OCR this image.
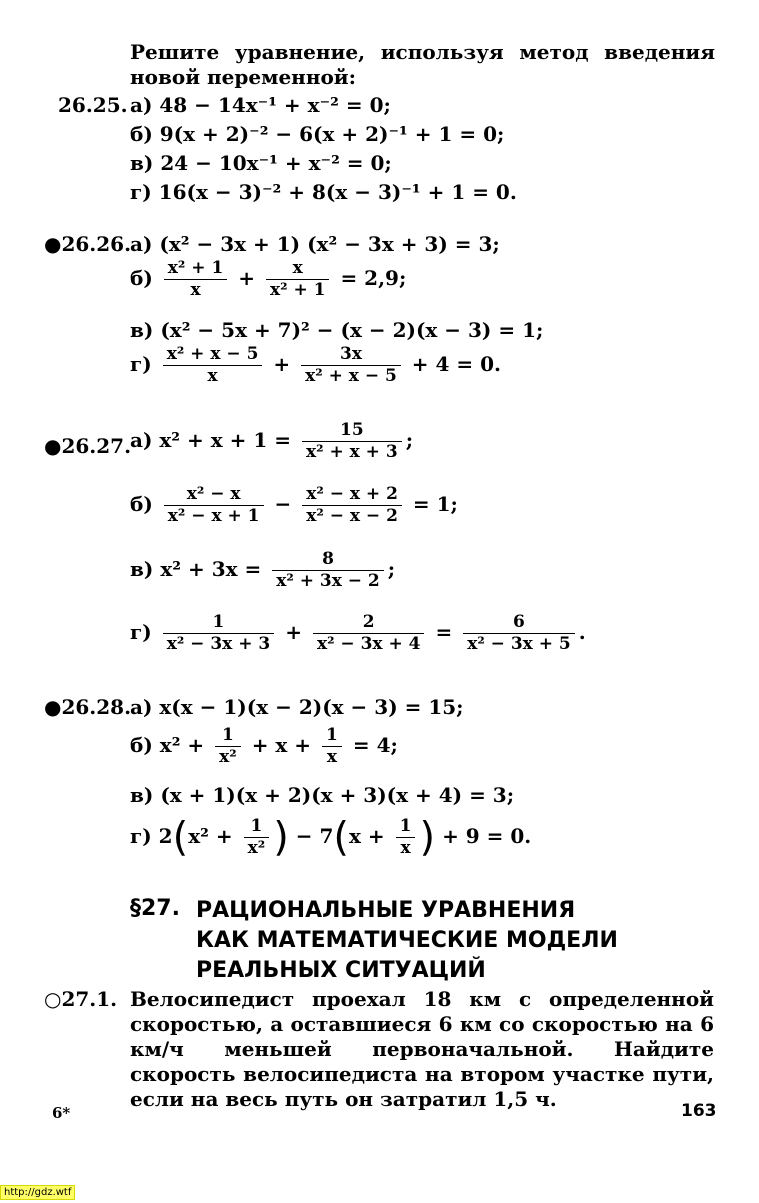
Решите уравнение, используя метод введения новой переменной:
26.25. а) 48 − 14x⁻¹ + x⁻² = 0;
б) 9(x + 2)⁻² − 6(x + 2)⁻¹ + 1 = 0;
в) 24 − 10x⁻¹ + x⁻² = 0;
г) 16(x − 3)⁻² + 8(x − 3)⁻¹ + 1 = 0.
●26.26.
а) (x² − 3x + 1) (x² − 3x + 3) = 3;
$б) \frac{\text{x² + 1}}{x} + \frac{x}{\text{x² + 1}} = 2,9$;
в) (x² − 5x + 7)² − (x − 2)(x − 3) = 1;
$г) \frac{\text{x² + x − 5}}{x} + \frac{3x}{\text{x² + x − 5}} + 4 = 0$.
●26.27.
а) $x^2 + x + 1 = \frac{15}{\text{x² + x + 3}}$ ;
$б) \frac{\text{x² − x}}{\text{x² − x + 1}} - \frac{\text{x² − x + 2}}{\text{x² − x − 2}} = 1$;
в) $x^2 + 3x = \frac{8}{\text{x² + 3x − 2}}$ ;
$г) \frac{1}{\text{x² − 3x + 3}} + \frac{2}{\text{x² − 3x + 4}} = \frac{6}{\text{x² − 3x + 5}}$ .
●26.28.
а) x(x − 1)(x − 2)(x − 3) = 15;
б) $x^2 + \frac{1}{\text{x²}} + x + \frac{1}{x} = 4$;
в) (x + 1)(x + 2)(x + 3)(x + 4) = 3;
г) $2(x^2 + \frac{1}{\text{x²}}$ ) − $7(x + \frac{1}{x}$ ) + 9 = 0.
§27. РАЦИОНАЛЬНЫЕ УРАВНЕНИЯ
КАК МАТЕМАТИЧЕСКИЕ МОДЕЛИ
РЕАЛЬНЫХ СИТУАЦИЙ
○27.1. Велосипедист проехал 18 км с определенной скоростью, а оставшиеся 6 км со скоростью на 6 км/ч меньшей первоначальной. Найдите скорость велосипедиста на втором участке пути, если на весь путь он затратил 1,5 ч.
6*	163
http://gdz.wtf
